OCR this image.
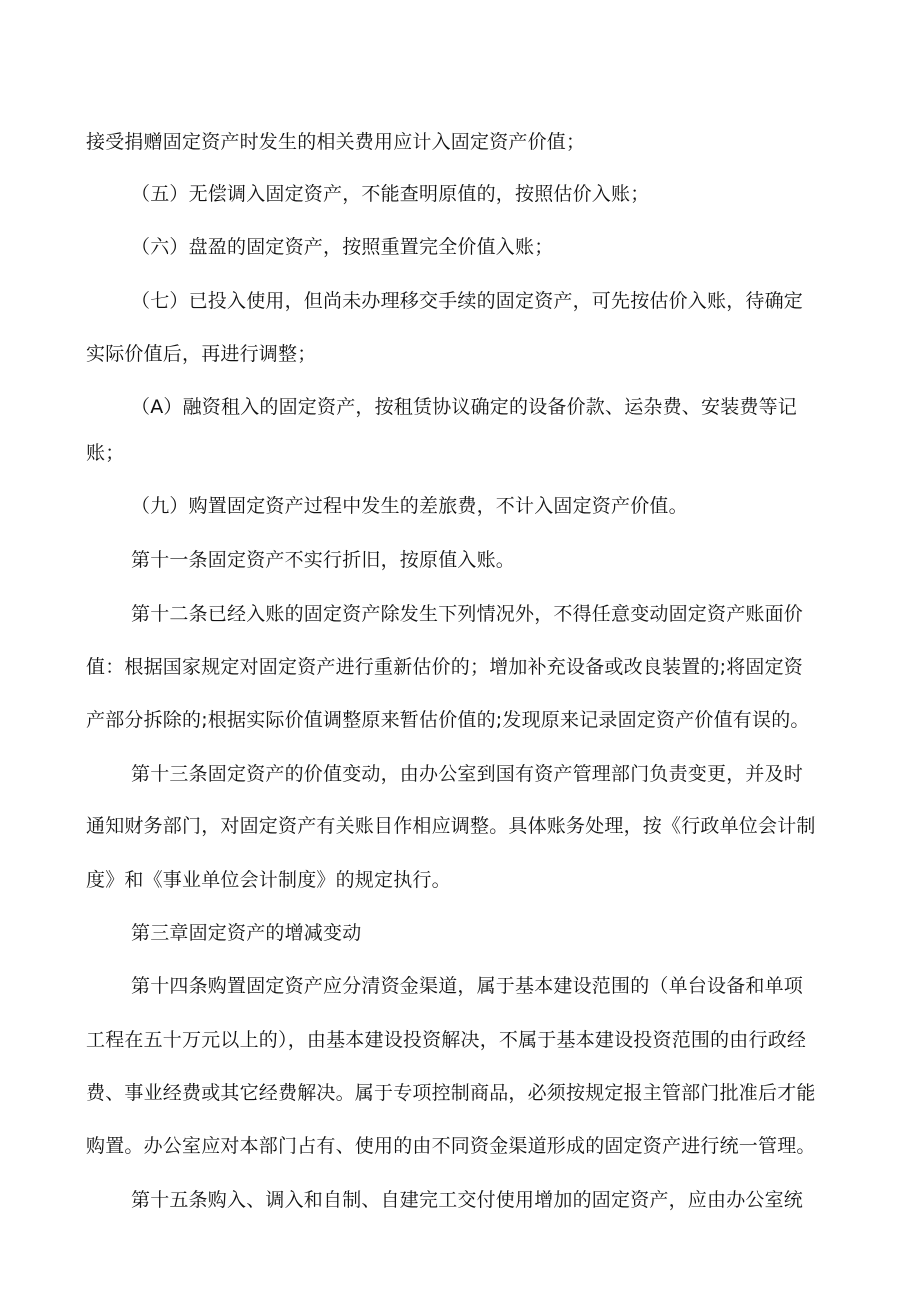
接受捐赠固定资产时发生的相关费用应计入固定资产价值；
（五）无偿调入固定资产，不能查明原值的，按照估价入账；
（六）盘盈的固定资产，按照重置完全价值入账；
（七）已投入使用，但尚未办理移交手续的固定资产，可先按估价入账，待确定
实际价值后，再进行调整；
（A）融资租入的固定资产，按租赁协议确定的设备价款、运杂费、安装费等记
账；
（九）购置固定资产过程中发生的差旅费，不计入固定资产价值。
第十一条固定资产不实行折旧，按原值入账。
第十二条已经入账的固定资产除发生下列情况外，不得任意变动固定资产账面价
值：根据国家规定对固定资产进行重新估价的；增加补充设备或改良装置的;将固定资
产部分拆除的;根据实际价值调整原来暂估价值的;发现原来记录固定资产价值有误的。
第十三条固定资产的价值变动，由办公室到国有资产管理部门负责变更，并及时
通知财务部门，对固定资产有关账目作相应调整。具体账务处理，按《行政单位会计制
度》和《事业单位会计制度》的规定执行。
第三章固定资产的增减变动
第十四条购置固定资产应分清资金渠道，属于基本建设范围的（单台设备和单项
工程在五十万元以上的），由基本建设投资解决，不属于基本建设投资范围的由行政经
费、事业经费或其它经费解决。属于专项控制商品，必须按规定报主管部门批准后才能
购置。办公室应对本部门占有、使用的由不同资金渠道形成的固定资产进行统一管理。
第十五条购入、调入和自制、自建完工交付使用增加的固定资产，应由办公室统
